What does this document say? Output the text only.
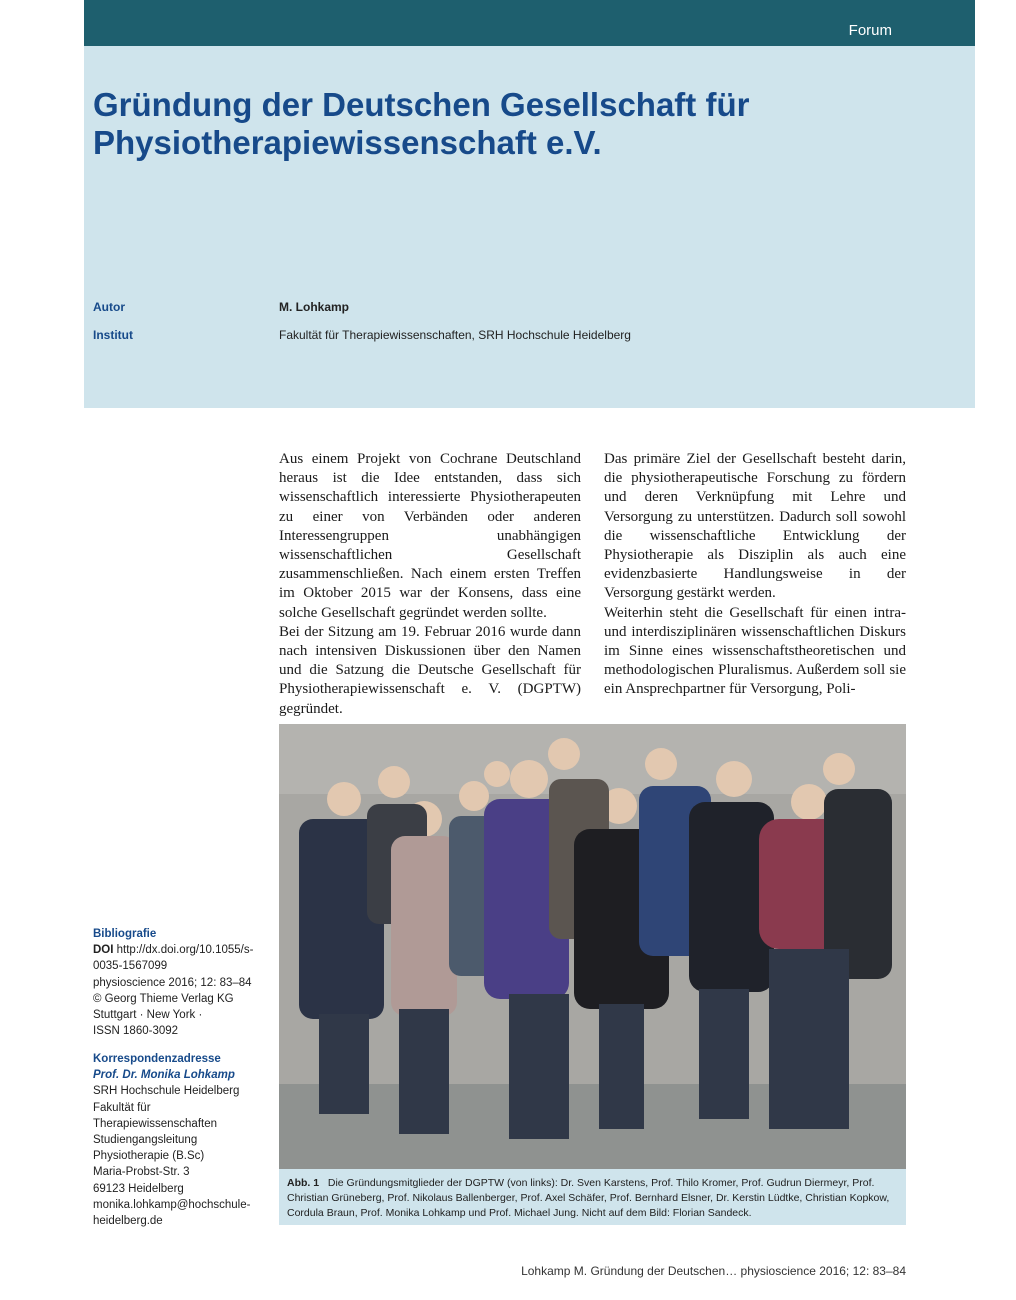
Forum	83
Gründung der Deutschen Gesellschaft für
Physiotherapiewissenschaft e.V.
Autor	M. Lohkamp
Institut	Fakultät für Therapiewissenschaften, SRH Hochschule Heidelberg

Aus einem Projekt von Cochrane Deutschland heraus ist die Idee entstanden, dass sich wissenschaftlich interessierte Physiotherapeuten zu einer von Verbänden oder anderen Interessengruppen unabhängigen wissenschaftlichen Gesellschaft zusammenschließen. Nach einem ersten Treffen im Oktober 2015 war der Konsens, dass eine solche Gesellschaft gegründet werden sollte.

Bei der Sitzung am 19. Februar 2016 wurde dann nach intensiven Diskussionen über den Namen und die Satzung die Deutsche Gesellschaft für Physiotherapiewissenschaft e. V. (DGPTW) gegründet.

Das primäre Ziel der Gesellschaft besteht darin, die physiotherapeutische Forschung zu fördern und deren Verknüpfung mit Lehre und Versorgung zu unterstützen. Dadurch soll sowohl die wissenschaftliche Entwicklung der Physiotherapie als Disziplin als auch eine evidenzbasierte Handlungsweise in der Versorgung gestärkt werden.

Weiterhin steht die Gesellschaft für einen intra- und interdisziplinären wissenschaftlichen Diskurs im Sinne eines wissenschaftstheoretischen und methodologischen Pluralismus. Außerdem soll sie ein Ansprechpartner für Versorgung, Poli-

Abb. 1 Die Gründungsmitglieder der DGPTW (von links): Dr. Sven Karstens, Prof. Thilo Kromer, Prof. Gudrun Diermeyr, Prof. Christian Grüneberg, Prof. Nikolaus Ballenberger, Prof. Axel Schäfer, Prof. Bernhard Elsner, Dr. Kerstin Lüdtke, Christian Kopkow, Cordula Braun, Prof. Monika Lohkamp und Prof. Michael Jung. Nicht auf dem Bild: Florian Sandeck.
Bibliografie
DOI http://dx.doi.org/10.1055/s-0035-1567099
physioscience 2016; 12: 83–84
© Georg Thieme Verlag KG Stuttgart · New York ·
ISSN 1860-3092
Korrespondenzadresse
Prof. Dr. Monika Lohkamp
SRH Hochschule Heidelberg
Fakultät für Therapiewissenschaften
Studiengangsleitung Physiotherapie (B.Sc)
Maria-Probst-Str. 3
69123 Heidelberg
monika.lohkamp@hochschule-heidelberg.de
Lohkamp M. Gründung der Deutschen… physioscience 2016; 12: 83–84
